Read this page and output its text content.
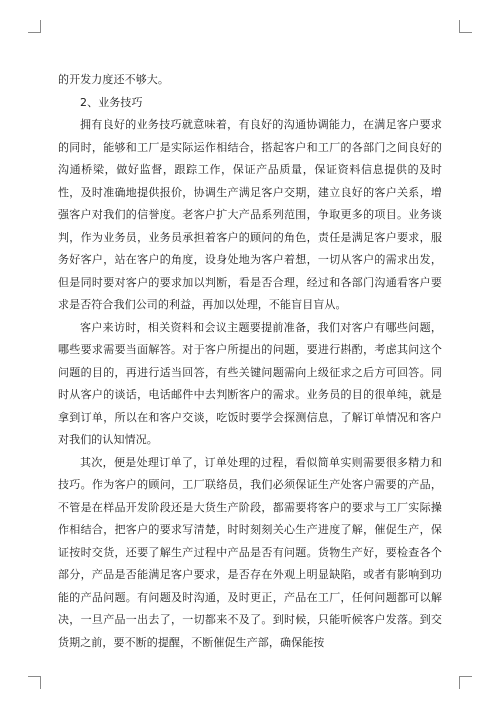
的开发力度还不够大。

2、业务技巧

拥有良好的业务技巧就意味着，有良好的沟通协调能力，在满足客户要求的同时，能够和工厂是实际运作相结合，搭起客户和工厂的各部门之间良好的沟通桥梁，做好监督，跟踪工作，保证产品质量，保证资料信息提供的及时性，及时准确地提供报价，协调生产满足客户交期，建立良好的客户关系，增强客户对我们的信誉度。老客户扩大产品系列范围，争取更多的项目。业务谈判，作为业务员，业务员承担着客户的顾问的角色，责任是满足客户要求，服务好客户，站在客户的角度，设身处地为客户着想，一切从客户的需求出发，但是同时要对客户的要求加以判断，看是否合理，经过和各部门沟通看客户要求是否符合我们公司的利益，再加以处理，不能盲目盲从。

客户来访时，相关资料和会议主题要提前准备，我们对客户有哪些问题，哪些要求需要当面解答。对于客户所提出的问题，要进行斟酌，考虑其问这个问题的目的，再进行适当回答，有些关键问题需向上级征求之后方可回答。同时从客户的谈话，电话邮件中去判断客户的需求。业务员的目的很单纯，就是拿到订单，所以在和客户交谈，吃饭时要学会探测信息，了解订单情况和客户对我们的认知情况。

其次，便是处理订单了，订单处理的过程，看似简单实则需要很多精力和技巧。作为客户的顾问，工厂联络员，我们必须保证生产处客户需要的产品，不管是在样品开发阶段还是大货生产阶段，都需要将客户的要求与工厂实际操作相结合，把客户的要求写清楚，时时刻刻关心生产进度了解，催促生产，保证按时交货，还要了解生产过程中产品是否有问题。货物生产好，要检查各个部分，产品是否能满足客户要求，是否存在外观上明显缺陷，或者有影响到功能的产品问题。有问题及时沟通，及时更正，产品在工厂，任何问题都可以解决，一旦产品一出去了，一切都来不及了。到时候，只能听候客户发落。到交货期之前，要不断的提醒，不断催促生产部，确保能按
